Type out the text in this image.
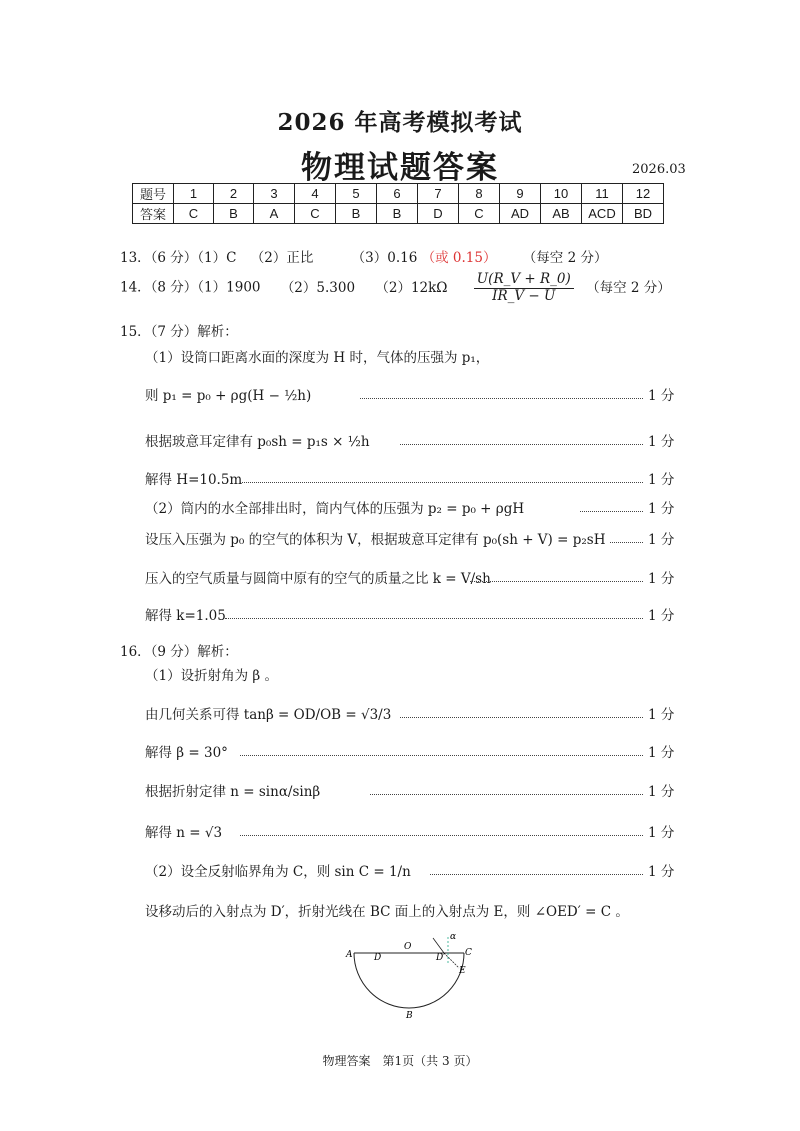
2026 年高考模拟考试
物理试题答案	2026.03
题号	1	2	3	4	5	6	7	8	9	10	11	12
答案	C	B	A	C	B	B	D	C	AD	AB	ACD	BD
13．（6 分）（1）C （2）正比	（3）0.16 （或 0.15） （每空 2 分）
14．（8 分）（1）1900 （2）5.300 $(2)12k\Omega \frac{U(R\_V + R\_0)}{IR\_V - U}$ （每空 2 分）
15．（7 分）解析：
（1）设筒口距离水面的深度为 H 时，气体的压强为 p₁，
则 p₁ = p₀ + ρg(H − ½h)	1 分
根据玻意耳定律有 p₀sh = p₁s × ½h	1 分
解得 H=10.5m	1 分
（2）筒内的水全部排出时，筒内气体的压强为 p₂ = p₀ + ρgH	1 分
设压入压强为 p₀ 的空气的体积为 V，根据玻意耳定律有 p₀(sh + V) = p₂sH	1 分
压入的空气质量与圆筒中原有的空气的质量之比 k = V/sh	1 分
解得 k=1.05	1 分
16．（9 分）解析：
（1）设折射角为 β 。
由几何关系可得 tanβ = OD/OB = √3/3	1 分
解得 β = 30°	1 分
根据折射定律 n = sinα/sinβ	1 分
解得 n = √3	1 分
（2）设全反射临界角为 C，则 sin C = 1/n	1 分
设移动后的入射点为 D′，折射光线在 BC 面上的入射点为 E，则 ∠OED′ = C 。
A D
O
D′
α
C
E
B
物理答案　第1页（共 3 页）
